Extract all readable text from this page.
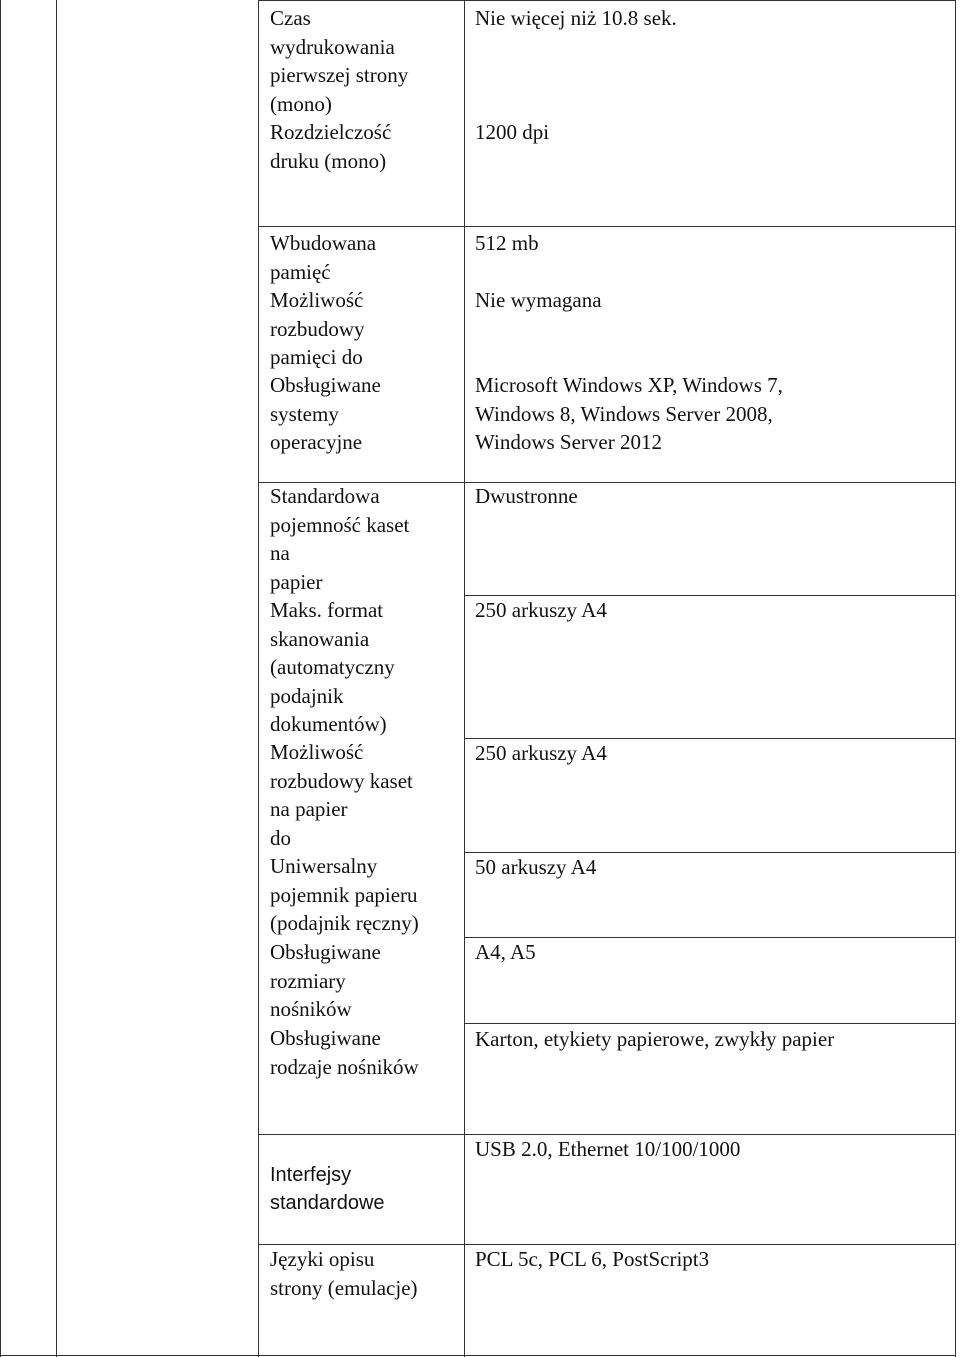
Czas
wydrukowania
pierwszej strony
(mono)

Rozdzielczość
druku (mono)

Nie więcej niż 10.8 sek.

1200 dpi

Wbudowana
pamięć

Możliwość
rozbudowy
pamięci do

Obsługiwane
systemy
operacyjne

512 mb

Nie wymagana

Microsoft Windows XP, Windows 7,
Windows 8, Windows Server 2008,
Windows Server 2012

Standardowa
pojemność kaset
na
papier

Maks. format
skanowania
(automatyczny
podajnik
dokumentów)

Możliwość
rozbudowy kaset
na papier
do

Uniwersalny
pojemnik papieru
(podajnik ręczny)

Obsługiwane
rozmiary
nośników

Obsługiwane
rodzaje nośników

Dwustronne

250 arkuszy A4

250 arkuszy A4

50 arkuszy A4

A4, A5

Karton, etykiety papierowe, zwykły papier

Interfejsy
standardowe

USB 2.0, Ethernet 10/100/1000

Języki opisu
strony (emulacje)

PCL 5c, PCL 6, PostScript3
